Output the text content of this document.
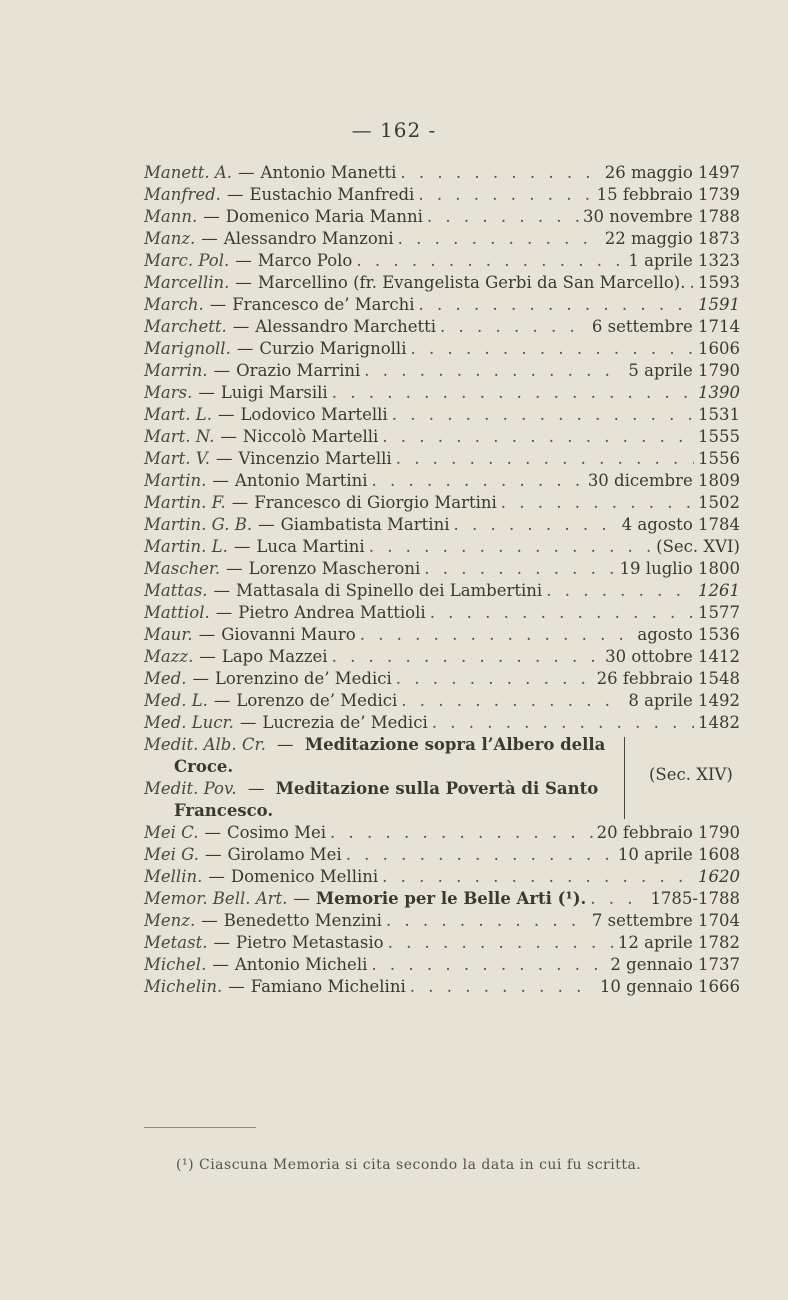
— 162 -
Manett. A. — Antonio Manetti . . .	26 maggio 1497
Manfred. — Eustachio Manfredi . . .	15 febbraio 1739
Mann. — Domenico Maria Manni . . .	30 novembre 1788
Manz. — Alessandro Manzoni . . .	22 maggio 1873
Marc. Pol. — Marco Polo . . .	1 aprile 1323
Marcellin. — Marcellino (fr. Evangelista Gerbi da San Marcello). . . . 1593
March. — Francesco de’ Marchi . . .	1591
Marchett. — Alessandro Marchetti . . .	6 settembre 1714
Marignoll. — Curzio Marignolli . . .	1606
Marrin. — Orazio Marrini . . .	5 aprile 1790
Mars. — Luigi Marsili . . .	1390
Mart. L. — Lodovico Martelli . . .	1531
Mart. N. — Niccolò Martelli . . .	1555
Mart. V. — Vincenzio Martelli . . .	1556
Martin. — Antonio Martini . . .	30 dicembre 1809
Martin. F. — Francesco di Giorgio Martini . . .	1502
Martin. G. B. — Giambatista Martini . . .	4 agosto 1784
Martin. L. — Luca Martini . . .	(Sec. XVI)
Mascher. — Lorenzo Mascheroni . . .	19 luglio 1800
Mattas. — Mattasala di Spinello dei Lambertini . . .	1261
Mattiol. — Pietro Andrea Mattioli . . .	1577
Maur. — Giovanni Mauro . . .	agosto 1536
Mazz. — Lapo Mazzei . . .	30 ottobre 1412
Med. — Lorenzino de’ Medici . . .	26 febbraio 1548
Med. L. — Lorenzo de’ Medici . . .	8 aprile 1492
Med. Lucr. — Lucrezia de’ Medici . . .	1482
Medit. Alb. Cr. — Meditazione sopra l’Albero della
Croce.
Medit. Pov. — Meditazione sulla Povertà di Santo
Francesco.
(Sec. XIV)
Mei C. — Cosimo Mei . . .	20 febbraio 1790
Mei G. — Girolamo Mei . . .	10 aprile 1608
Mellin. — Domenico Mellini . . .	1620
Memor. Bell. Art. — Memorie per le Belle Arti (¹). . . .	1785-1788
Menz. — Benedetto Menzini . . .	7 settembre 1704
Metast. — Pietro Metastasio . . .	12 aprile 1782
Michel. — Antonio Micheli . . .	2 gennaio 1737
Michelin. — Famiano Michelini . . .	10 gennaio 1666
(¹) Ciascuna Memoria si cita secondo la data in cui fu scritta.
